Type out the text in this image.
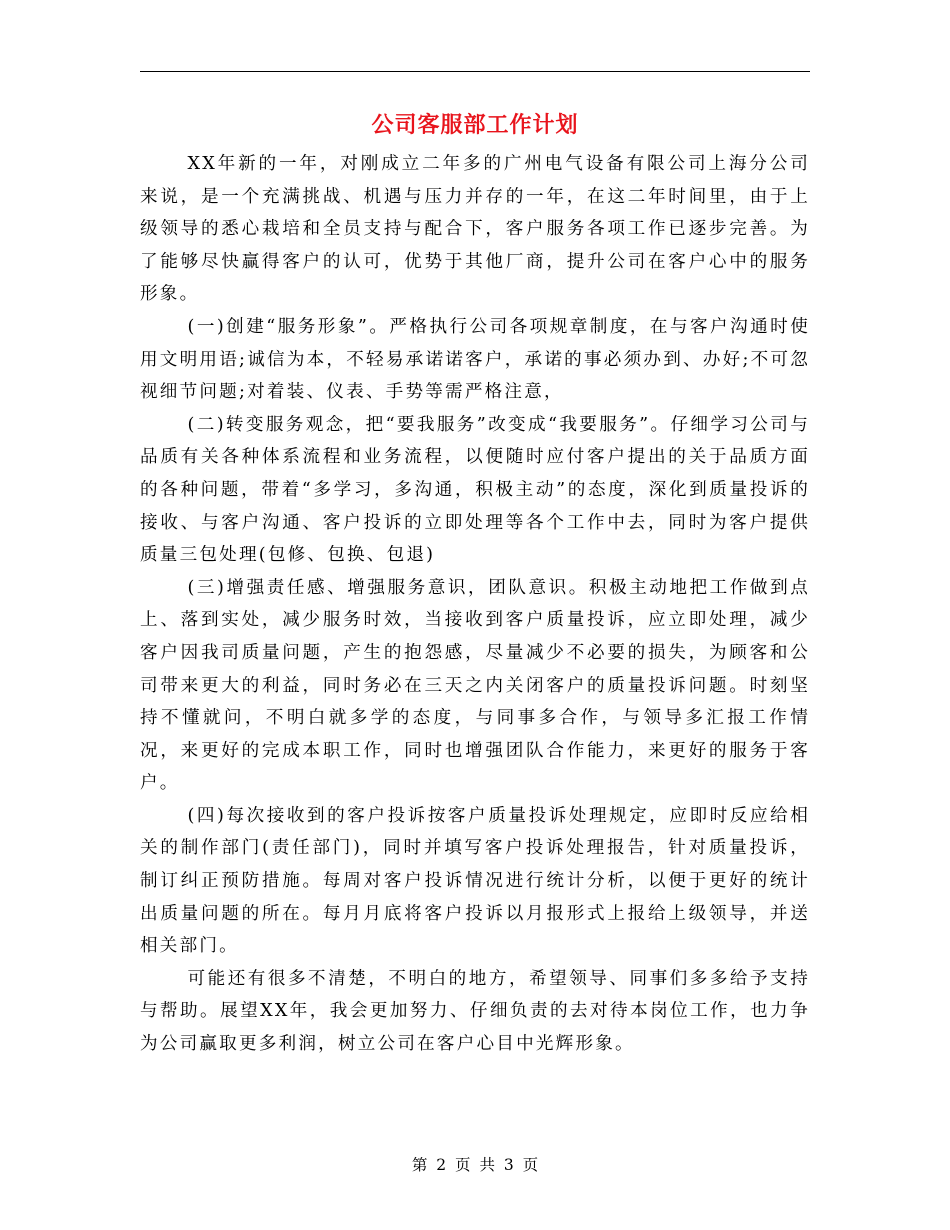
公司客服部工作计划

XX年新的一年，对刚成立二年多的广州电气设备有限公司上海分公司来说，是一个充满挑战、机遇与压力并存的一年，在这二年时间里，由于上级领导的悉心栽培和全员支持与配合下，客户服务各项工作已逐步完善。为了能够尽快赢得客户的认可，优势于其他厂商，提升公司在客户心中的服务形象。

(一)创建“服务形象”。严格执行公司各项规章制度，在与客户沟通时使用文明用语;诚信为本，不轻易承诺诺客户，承诺的事必须办到、办好;不可忽视细节问题;对着装、仪表、手势等需严格注意，

(二)转变服务观念，把“要我服务”改变成“我要服务”。仔细学习公司与品质有关各种体系流程和业务流程，以便随时应付客户提出的关于品质方面的各种问题，带着“多学习，多沟通，积极主动”的态度，深化到质量投诉的接收、与客户沟通、客户投诉的立即处理等各个工作中去，同时为客户提供质量三包处理(包修、包换、包退)

(三)增强责任感、增强服务意识，团队意识。积极主动地把工作做到点上、落到实处，减少服务时效，当接收到客户质量投诉，应立即处理，减少客户因我司质量问题，产生的抱怨感，尽量减少不必要的损失，为顾客和公司带来更大的利益，同时务必在三天之内关闭客户的质量投诉问题。时刻坚持不懂就问，不明白就多学的态度，与同事多合作，与领导多汇报工作情况，来更好的完成本职工作，同时也增强团队合作能力，来更好的服务于客户。

(四)每次接收到的客户投诉按客户质量投诉处理规定，应即时反应给相关的制作部门(责任部门)，同时并填写客户投诉处理报告，针对质量投诉，制订纠正预防措施。每周对客户投诉情况进行统计分析，以便于更好的统计出质量问题的所在。每月月底将客户投诉以月报形式上报给上级领导，并送相关部门。

可能还有很多不清楚，不明白的地方，希望领导、同事们多多给予支持与帮助。展望XX年，我会更加努力、仔细负责的去对待本岗位工作，也力争为公司赢取更多利润，树立公司在客户心目中光辉形象。

第 2 页 共 3 页
